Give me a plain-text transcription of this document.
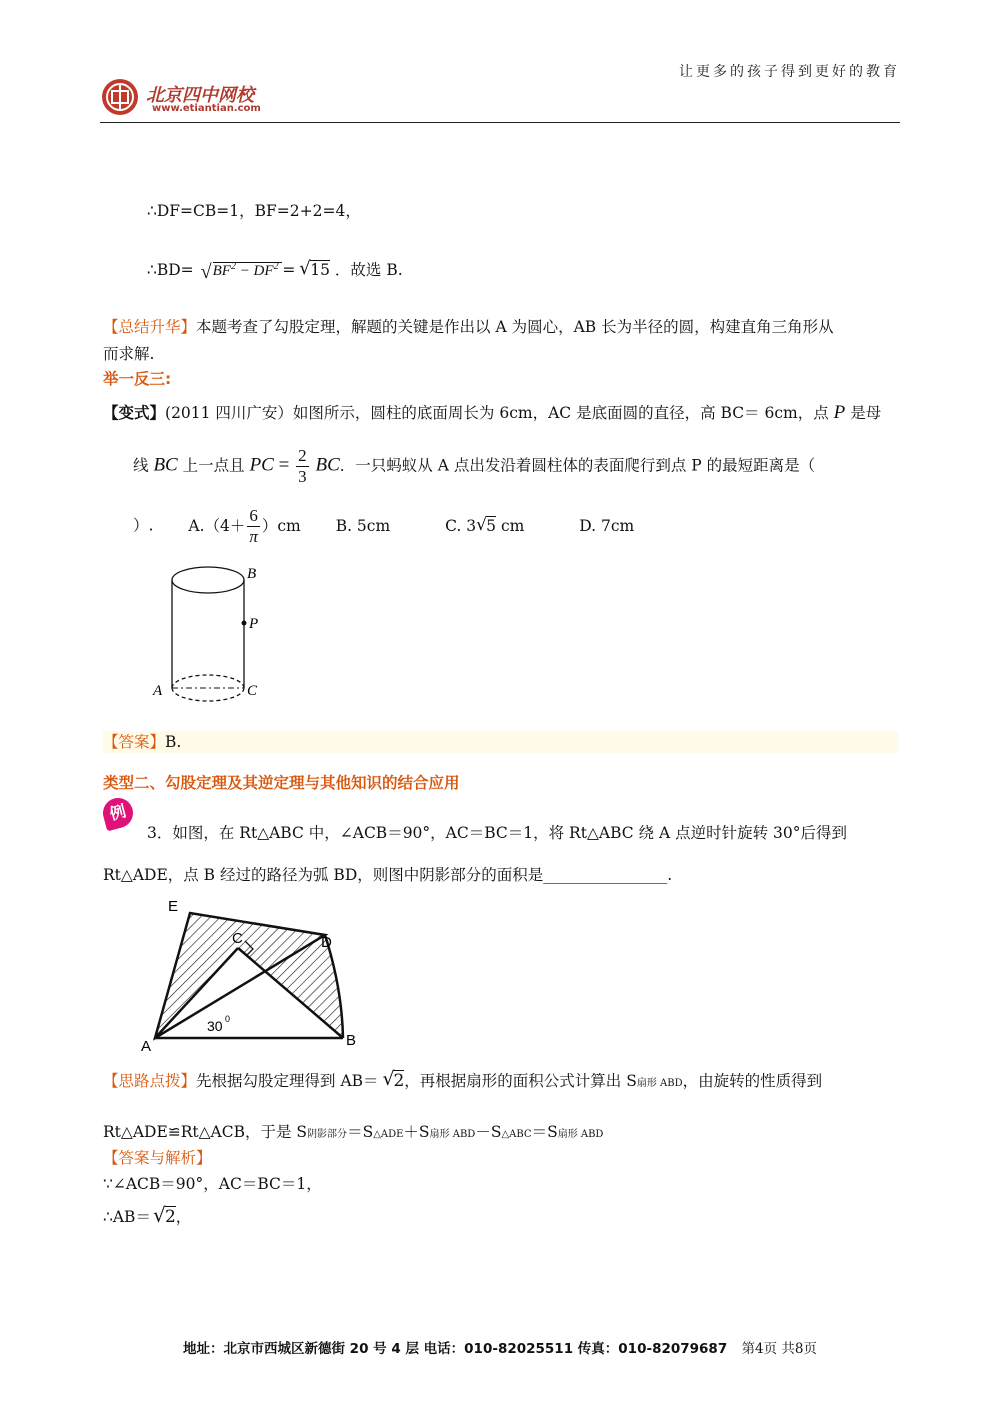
北京四中网校
www.etiantian.com
让更多的孩子得到更好的教育
∴DF=CB=1，BF=2+2=4，
∴BD= √ $BF^2 - DF^2$ = √ 15 ．故选 B.
【总结升华】本题考查了勾股定理，解题的关键是作出以 A 为圆心，AB 长为半径的圆，构建直角三角形从
而求解.
举一反三:
【变式】(2011 四川广安）如图所示，圆柱的底面周长为 6cm，AC 是底面圆的直径，高 BC＝ 6cm，点 P 是母
线 BC 上一点且 PC = $\frac{2}{3}$ BC．一只蚂蚁从 A 点出发沿着圆柱体的表面爬行到点 P 的最短距离是（
）. $A.(4+ \frac{6}{\pi} )cm$ B. 5cm	C. 3 √ 5 cm	D. 7cm
B
P
A	C
【答案】B.
类型二、勾股定理及其逆定理与其他知识的结合应用
例
3．如图，在 Rt△ABC 中，∠ACB＝90°，AC＝BC＝1，将 Rt△ABC 绕 A 点逆时针旋转 30°后得到
Rt△ADE，点 B 经过的路径为弧 BD，则图中阴影部分的面积是________________.
E
C	D
A	B
30 0
【思路点拨】先根据勾股定理得到 AB＝ √
2，再根据扇形的面积公式计算出 S扇形 ABD，由旋转的性质得到
Rt△ADE≌Rt△ACB，于是 S阴影部分＝S△ADE＋S扇形 ABD－S△ABC＝S扇形 ABD
【答案与解析】
∵∠ACB＝90°，AC＝BC＝1，
∴AB＝ √ 2，
地址：北京市西城区新德街 20 号 4 层 电话：010-82025511 传真：010-82079687 第4页 共8页
